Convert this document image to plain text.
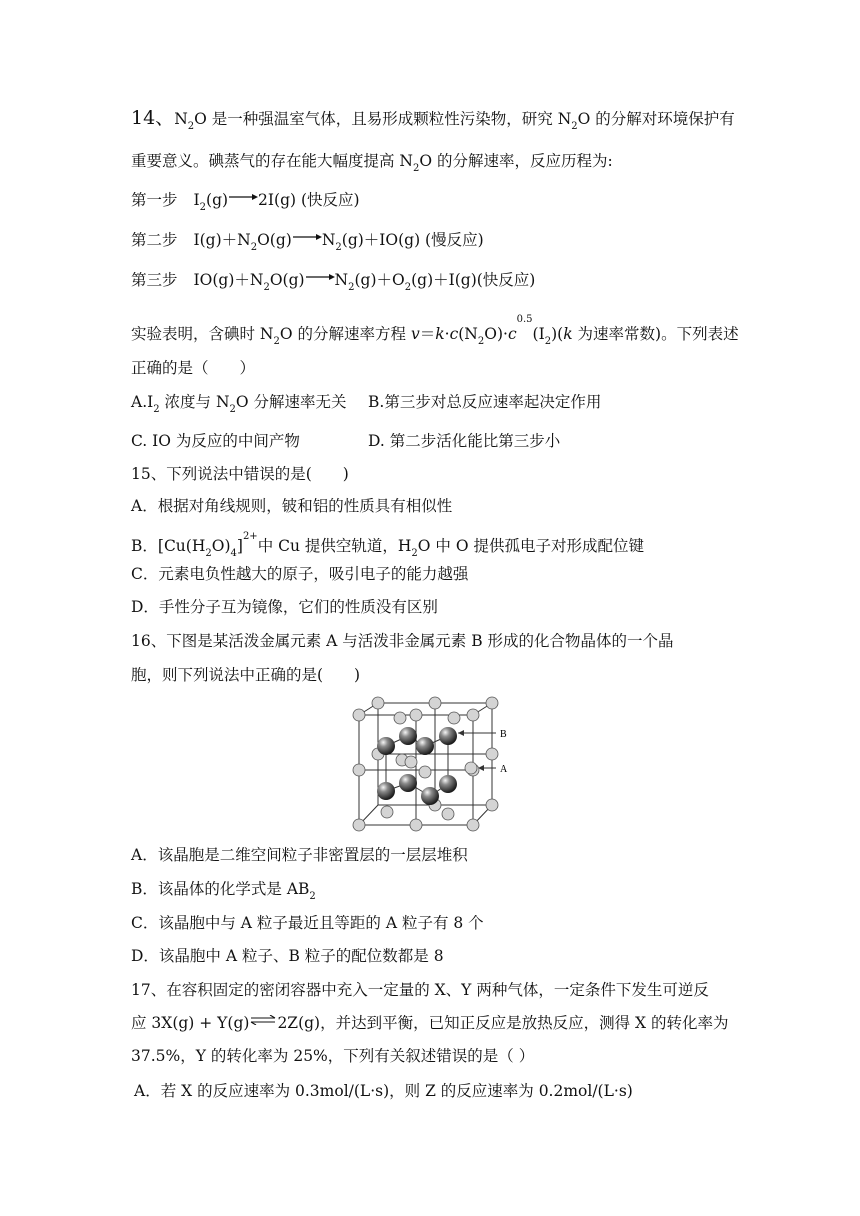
14、$N_2O$ 是一种强温室气体，且易形成颗粒性污染物，研究 $N_2O$ 的分解对环境保护有
重要意义。碘蒸气的存在能大幅度提高 $N_2O$ 的分解速率，反应历程为:
第一步 $I_2(g)\to 2I(g)$ (快反应)
第二步 $I(g)+N_2O(g)\to N_2(g)+IO(g)$ (慢反应)
第三步 $IO(g)+N_2O(g)\to N_2(g)+O_2(g)+I(g)$(快反应)
实验表明，含碘时 $N_2O$ 的分解速率方程 $v=k\cdot c(N_2O)\cdot c^{0.5}(I_2)(k$ 为速率常数)。下列表述
正确的是（　　）
$A.I_2$ 浓度与 $N_2O$ 分解速率无关 B.第三步对总反应速率起决定作用
C. IO 为反应的中间产物	D. 第二步活化能比第三步小
15、下列说法中错误的是(　　)
A．根据对角线规则，铍和铝的性质具有相似性
B．$[Cu(H_2O)_4]^{2+}$中 Cu 提供空轨道，$H_2O$ 中 O 提供孤电子对形成配位键
C．元素电负性越大的原子，吸引电子的能力越强
D．手性分子互为镜像，它们的性质没有区别
16、下图是某活泼金属元素 A 与活泼非金属元素 B 形成的化合物晶体的一个晶
胞，则下列说法中正确的是(　　)
B
A
A．该晶胞是二维空间粒子非密置层的一层层堆积
B．该晶体的化学式是 $AB_2$
C．该晶胞中与 A 粒子最近且等距的 A 粒子有 8 个
D．该晶胞中 A 粒子、B 粒子的配位数都是 8
17、在容积固定的密闭容器中充入一定量的 X、Y 两种气体，一定条件下发生可逆反
应 3X(g) + Y(g)⇌2Z(g)，并达到平衡，已知正反应是放热反应，测得 X 的转化率为
37.5%，Y 的转化率为 25%，下列有关叙述错误的是（ ）
A．若 X 的反应速率为 0.3mol/(L·s)，则 Z 的反应速率为 0.2mol/(L·s)
